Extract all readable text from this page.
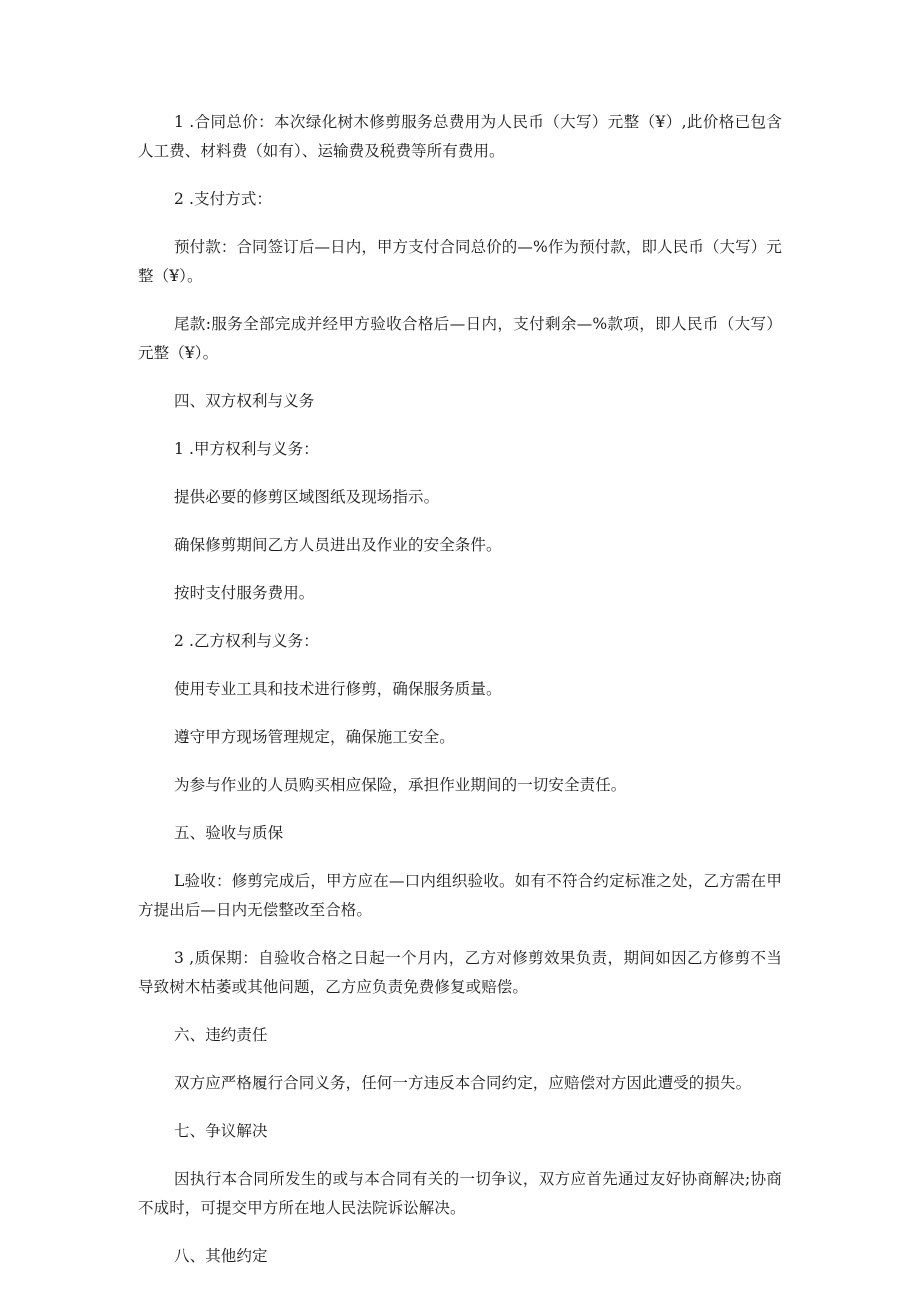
1 .合同总价：本次绿化树木修剪服务总费用为人民币（大写）元整（¥）,此价格已包含人工费、材料费（如有）、运输费及税费等所有费用。

2 .支付方式：

预付款：合同签订后—日内，甲方支付合同总价的—%作为预付款，即人民币（大写）元整（¥）。

尾款:服务全部完成并经甲方验收合格后—日内，支付剩余—%款项，即人民币（大写）元整（¥）。

四、双方权利与义务

1 .甲方权利与义务：

提供必要的修剪区域图纸及现场指示。

确保修剪期间乙方人员进出及作业的安全条件。

按时支付服务费用。

2 .乙方权利与义务：

使用专业工具和技术进行修剪，确保服务质量。

遵守甲方现场管理规定，确保施工安全。

为参与作业的人员购买相应保险，承担作业期间的一切安全责任。

五、验收与质保

L验收：修剪完成后，甲方应在—口内组织验收。如有不符合约定标准之处，乙方需在甲方提出后—日内无偿整改至合格。

3 ,质保期：自验收合格之日起一个月内，乙方对修剪效果负责，期间如因乙方修剪不当导致树木枯萎或其他问题，乙方应负责免费修复或赔偿。

六、违约责任

双方应严格履行合同义务，任何一方违反本合同约定，应赔偿对方因此遭受的损失。

七、争议解决

因执行本合同所发生的或与本合同有关的一切争议，双方应首先通过友好协商解决;协商不成时，可提交甲方所在地人民法院诉讼解决。

八、其他约定
